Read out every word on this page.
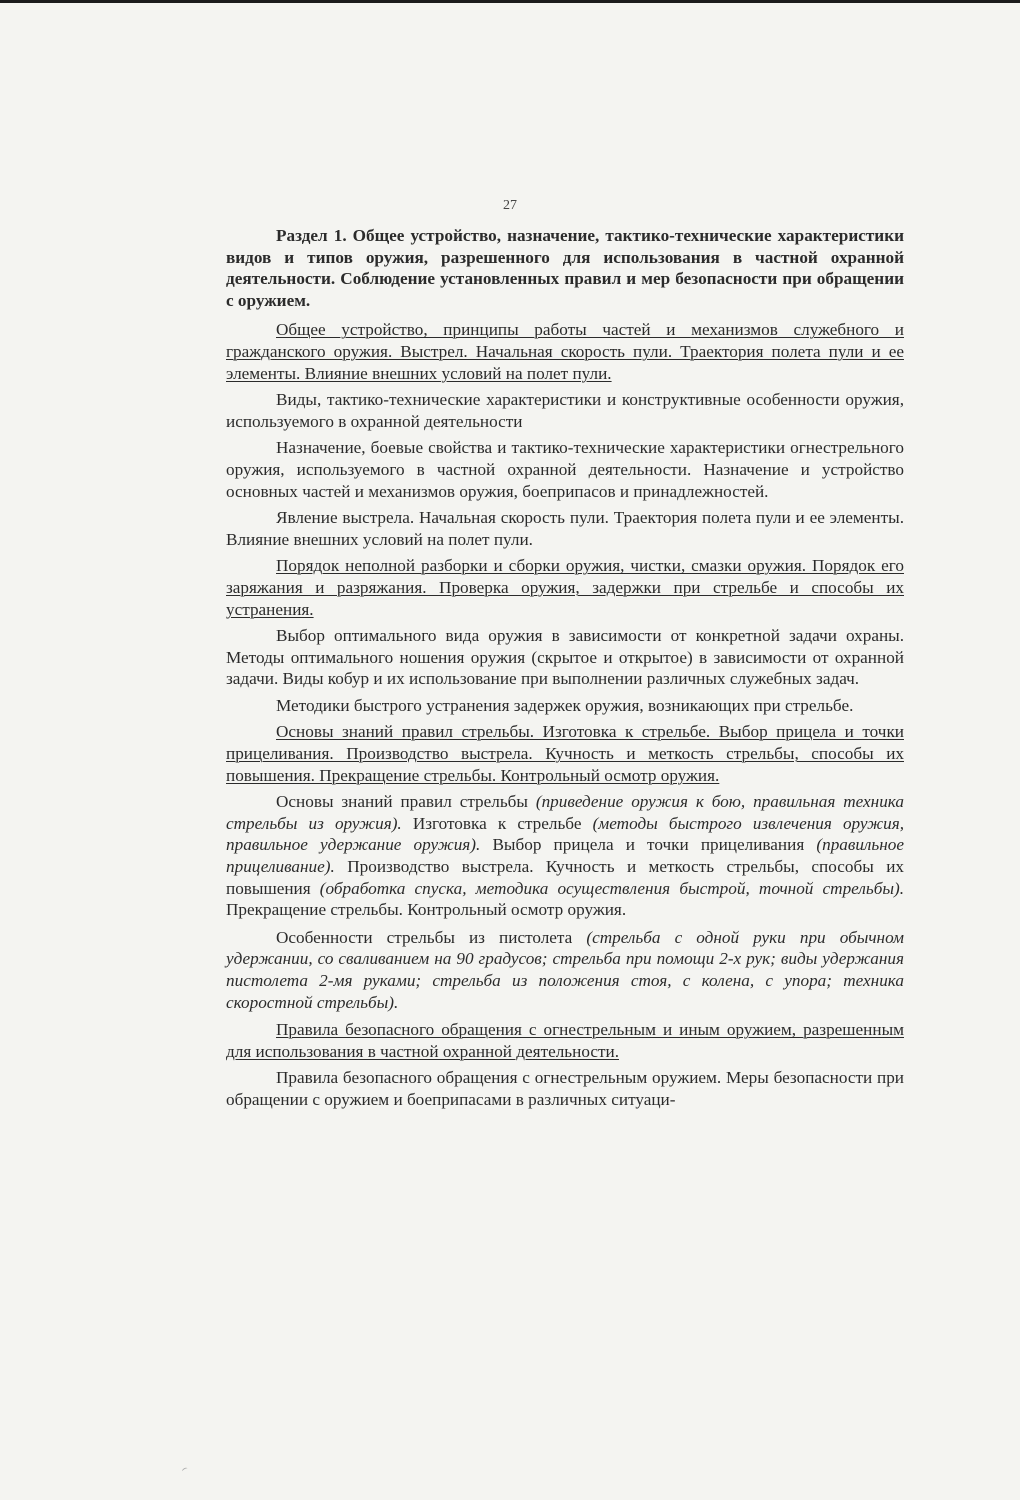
27

Раздел 1. Общее устройство, назначение, тактико-технические характеристики видов и типов оружия, разрешенного для использования в частной охранной деятельности. Соблюдение установленных правил и мер безопасности при обращении с оружием.

Общее устройство, принципы работы частей и механизмов служебного и гражданского оружия. Выстрел. Начальная скорость пули. Траектория полета пули и ее элементы. Влияние внешних условий на полет пули.

Виды, тактико-технические характеристики и конструктивные особенности оружия, используемого в охранной деятельности

Назначение, боевые свойства и тактико-технические характеристики огнестрельного оружия, используемого в частной охранной деятельности. Назначение и устройство основных частей и механизмов оружия, боеприпасов и принадлежностей.

Явление выстрела. Начальная скорость пули. Траектория полета пули и ее элементы. Влияние внешних условий на полет пули.

Порядок неполной разборки и сборки оружия, чистки, смазки оружия. Порядок его заряжания и разряжания. Проверка оружия, задержки при стрельбе и способы их устранения.

Выбор оптимального вида оружия в зависимости от конкретной задачи охраны. Методы оптимального ношения оружия (скрытое и открытое) в зависимости от охранной задачи. Виды кобур и их использование при выполнении различных служебных задач.

Методики быстрого устранения задержек оружия, возникающих при стрельбе.

Основы знаний правил стрельбы. Изготовка к стрельбе. Выбор прицела и точки прицеливания. Производство выстрела. Кучность и меткость стрельбы, способы их повышения. Прекращение стрельбы. Контрольный осмотр оружия.

Основы знаний правил стрельбы (приведение оружия к бою, правильная техника стрельбы из оружия). Изготовка к стрельбе (методы быстрого извлечения оружия, правильное удержание оружия). Выбор прицела и точки прицеливания (правильное прицеливание). Производство выстрела. Кучность и меткость стрельбы, способы их повышения (обработка спуска, методика осуществления быстрой, точной стрельбы). Прекращение стрельбы. Контрольный осмотр оружия.

Особенности стрельбы из пистолета (стрельба с одной руки при обычном удержании, со сваливанием на 90 градусов; стрельба при помощи 2-х рук; виды удержания пистолета 2-мя руками; стрельба из положения стоя, с колена, с упора; техника скоростной стрельбы).

Правила безопасного обращения с огнестрельным и иным оружием, разрешенным для использования в частной охранной деятельности.

Правила безопасного обращения с огнестрельным оружием. Меры безопасности при обращении с оружием и боеприпасами в различных ситуаци-
